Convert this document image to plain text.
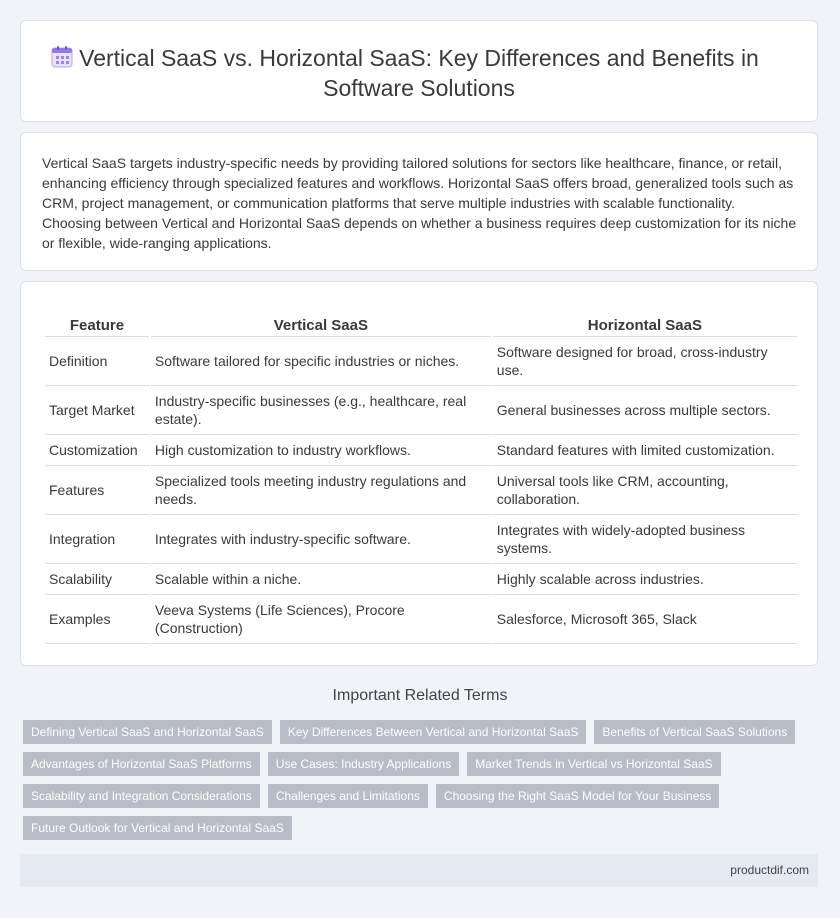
Vertical SaaS vs. Horizontal SaaS: Key Differences and Benefits in Software Solutions

Vertical SaaS targets industry-specific needs by providing tailored solutions for sectors like healthcare, finance, or retail, enhancing efficiency through specialized features and workflows. Horizontal SaaS offers broad, generalized tools such as CRM, project management, or communication platforms that serve multiple industries with scalable functionality. Choosing between Vertical and Horizontal SaaS depends on whether a business requires deep customization for its niche or flexible, wide-ranging applications.

Feature	Vertical SaaS	Horizontal SaaS
Definition	Software tailored for specific industries or niches.	Software designed for broad, cross-industry use.
Target Market	Industry-specific businesses (e.g., healthcare, real estate).	General businesses across multiple sectors.
Customization	High customization to industry workflows.	Standard features with limited customization.
Features	Specialized tools meeting industry regulations and needs.	Universal tools like CRM, accounting, collaboration.
Integration	Integrates with industry-specific software.	Integrates with widely-adopted business systems.
Scalability	Scalable within a niche.	Highly scalable across industries.
Examples	Veeva Systems (Life Sciences), Procore (Construction)	Salesforce, Microsoft 365, Slack
Important Related Terms
Defining Vertical SaaS and Horizontal SaaS	Key Differences Between Vertical and Horizontal SaaS	Benefits of Vertical SaaS Solutions
Advantages of Horizontal SaaS Platforms	Use Cases: Industry Applications	Market Trends in Vertical vs Horizontal SaaS
Scalability and Integration Considerations	Challenges and Limitations	Choosing the Right SaaS Model for Your Business
Future Outlook for Vertical and Horizontal SaaS
productdif.com
